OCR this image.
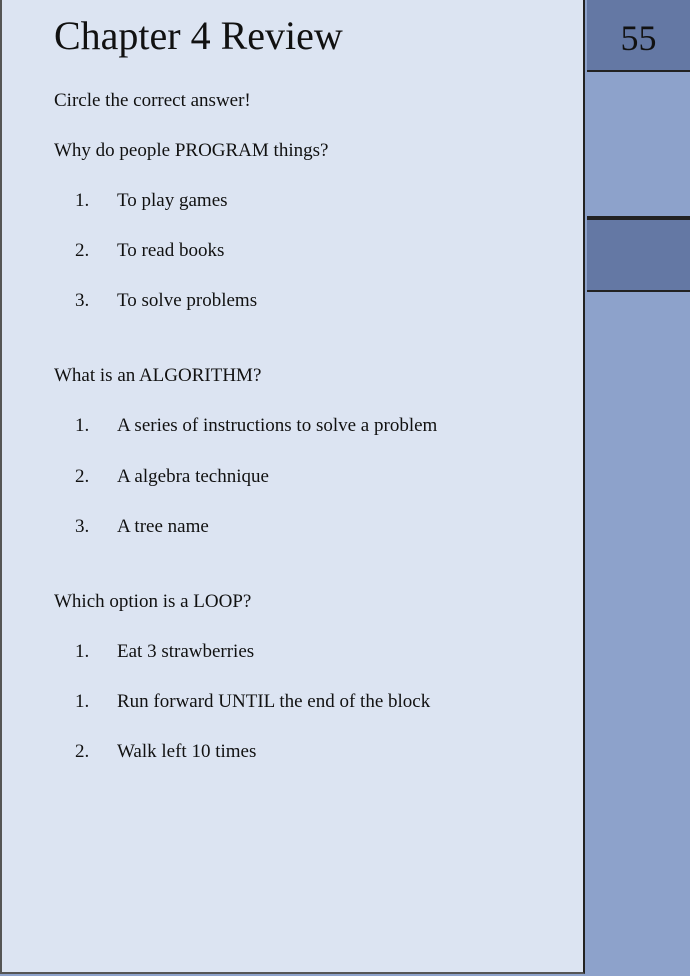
Chapter 4 Review
Circle the correct answer!
Why do people PROGRAM things?
1. To play games
2. To read books
3. To solve problems
What is an ALGORITHM?
1. A series of instructions to solve a problem
2. A algebra technique
3. A tree name
Which option is a LOOP?
1. Eat 3 strawberries
1. Run forward UNTIL the end of the block
2. Walk left 10 times
55
